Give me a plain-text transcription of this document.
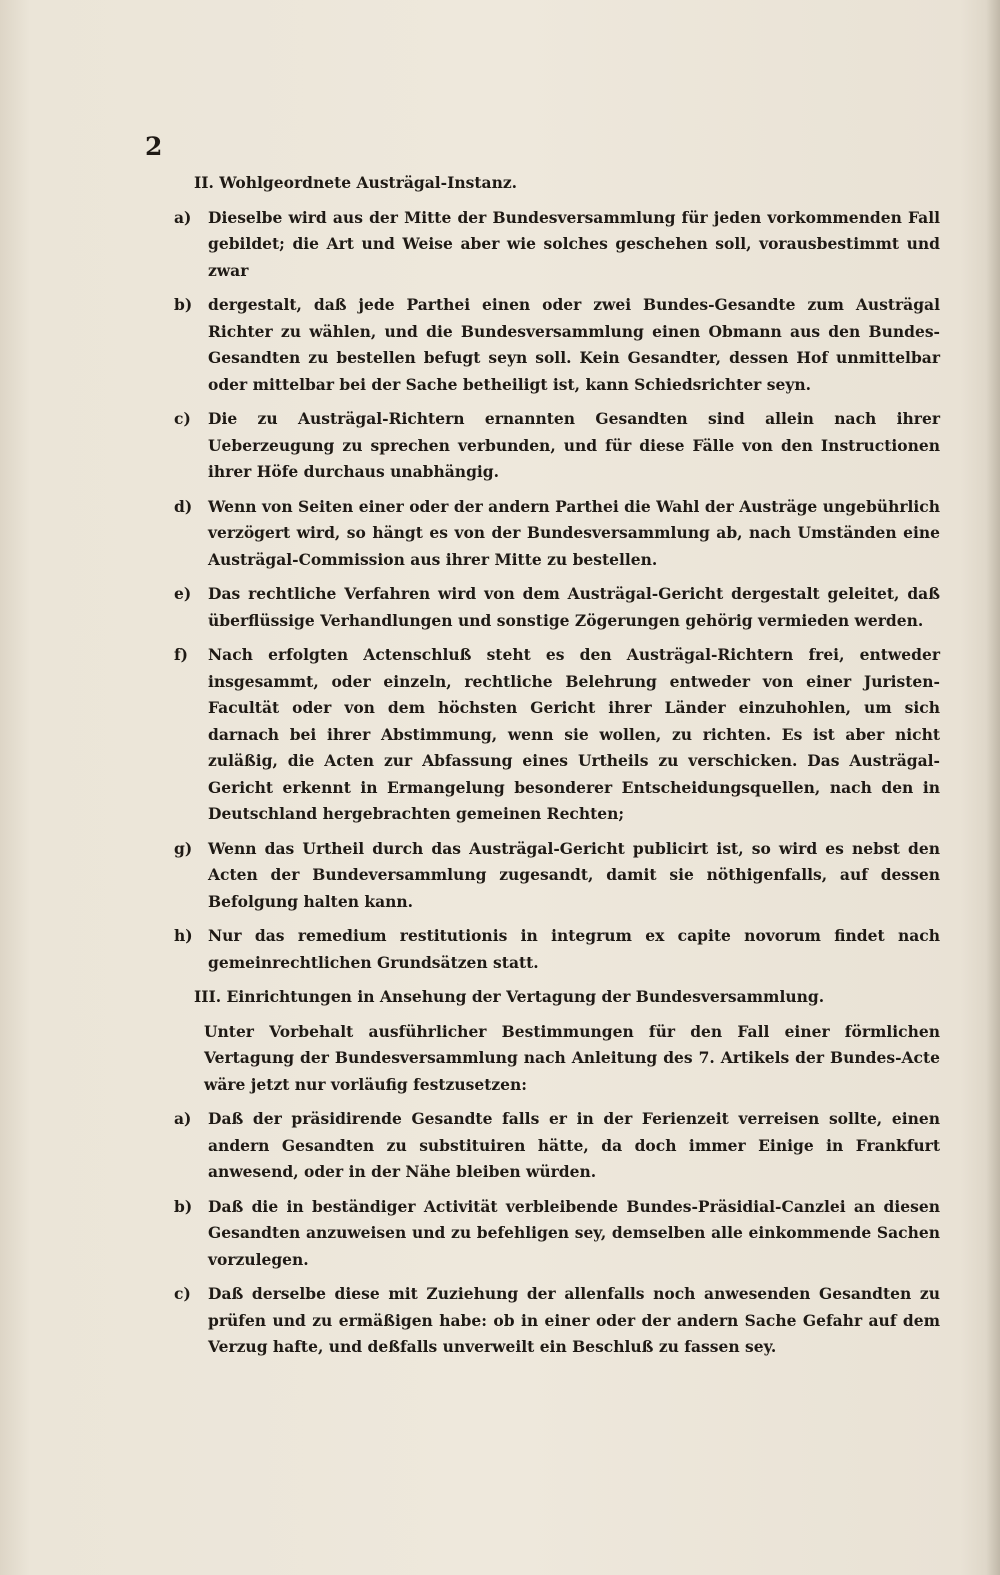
2
II. Wohlgeordnete Austrägal-Instanz.
a) Dieselbe wird aus der Mitte der Bundesversammlung für jeden vorkommenden Fall gebildet; die Art und Weise aber wie solches geschehen soll, vorausbestimmt und zwar
b) dergestalt, daß jede Parthei einen oder zwei Bundes-Gesandte zum Austrägal Richter zu wählen, und die Bundesversammlung einen Obmann aus den Bundes-Gesandten zu bestellen befugt seyn soll. Kein Gesandter, dessen Hof unmittelbar oder mittelbar bei der Sache betheiligt ist, kann Schiedsrichter seyn.
c) Die zu Austrägal-Richtern ernannten Gesandten sind allein nach ihrer Ueberzeugung zu sprechen verbunden, und für diese Fälle von den Instructionen ihrer Höfe durchaus unabhängig.
d) Wenn von Seiten einer oder der andern Parthei die Wahl der Austräge ungebührlich verzögert wird, so hängt es von der Bundesversammlung ab, nach Umständen eine Austrägal-Commission aus ihrer Mitte zu bestellen.
e) Das rechtliche Verfahren wird von dem Austrägal-Gericht dergestalt geleitet, daß überflüssige Verhandlungen und sonstige Zögerungen gehörig vermieden werden.
f) Nach erfolgten Actenschluß steht es den Austrägal-Richtern frei, entweder insgesammt, oder einzeln, rechtliche Belehrung entweder von einer Juristen-Facultät oder von dem höchsten Gericht ihrer Länder einzuhohlen, um sich darnach bei ihrer Abstimmung, wenn sie wollen, zu richten. Es ist aber nicht zuläßig, die Acten zur Abfassung eines Urtheils zu verschicken. Das Austrägal-Gericht erkennt in Ermangelung besonderer Entscheidungsquellen, nach den in Deutschland hergebrachten gemeinen Rechten;
g) Wenn das Urtheil durch das Austrägal-Gericht publicirt ist, so wird es nebst den Acten der Bundeversammlung zugesandt, damit sie nöthigenfalls, auf dessen Befolgung halten kann.
h) Nur das remedium restitutionis in integrum ex capite novorum findet nach gemeinrechtlichen Grundsätzen statt.
III. Einrichtungen in Ansehung der Vertagung der Bundesversammlung.
Unter Vorbehalt ausführlicher Bestimmungen für den Fall einer förmlichen Vertagung der Bundesversammlung nach Anleitung des 7. Artikels der Bundes-Acte wäre jetzt nur vorläufig festzusetzen:
a) Daß der präsidirende Gesandte falls er in der Ferienzeit verreisen sollte, einen andern Gesandten zu substituiren hätte, da doch immer Einige in Frankfurt anwesend, oder in der Nähe bleiben würden.
b) Daß die in beständiger Activität verbleibende Bundes-Präsidial-Canzlei an diesen Gesandten anzuweisen und zu befehligen sey, demselben alle einkommende Sachen vorzulegen.
c) Daß derselbe diese mit Zuziehung der allenfalls noch anwesenden Gesandten zu prüfen und zu ermäßigen habe: ob in einer oder der andern Sache Gefahr auf dem Verzug hafte, und deßfalls unverweilt ein Beschluß zu fassen sey.
